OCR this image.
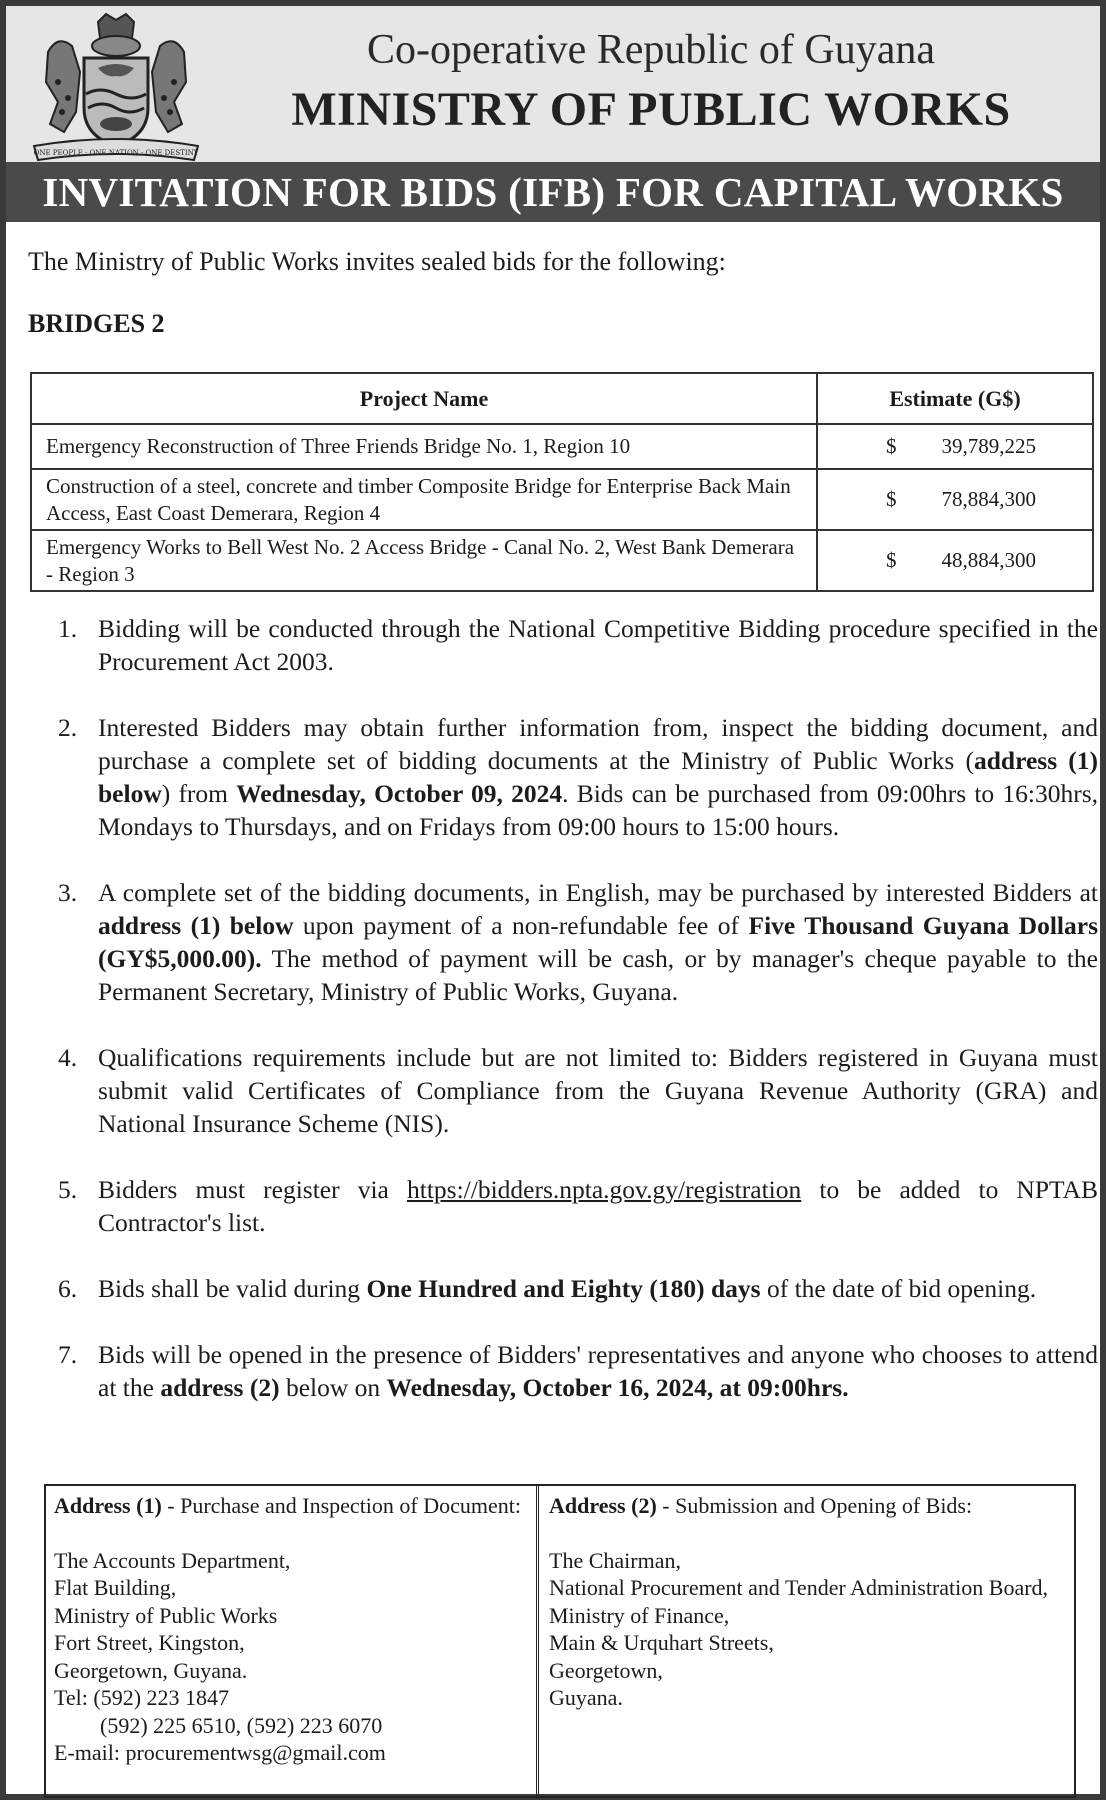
ONE PEOPLE · ONE NATION · ONE DESTINY
Co-operative Republic of Guyana
MINISTRY OF PUBLIC WORKS
INVITATION FOR BIDS (IFB) FOR CAPITAL WORKS
The Ministry of Public Works invites sealed bids for the following:
BRIDGES 2
Project Name	Estimate (G$)
Emergency Reconstruction of Three Friends Bridge No. 1, Region 10	$ 39,789,225

Construction of a steel, concrete and timber Composite Bridge for Enterprise Back Main Access, East Coast Demerara, Region 4	$ 78,884,300

Emergency Works to Bell West No. 2 Access Bridge - Canal No. 2, West Bank Demerara - Region 3	$ 48,884,300
1. Bidding will be conducted through the National Competitive Bidding procedure specified in the Procurement Act 2003.
2. Interested Bidders may obtain further information from, inspect the bidding document, and purchase a complete set of bidding documents at the Ministry of Public Works (address (1) below) from Wednesday, October 09, 2024. Bids can be purchased from 09:00hrs to 16:30hrs, Mondays to Thursdays, and on Fridays from 09:00 hours to 15:00 hours.
3. A complete set of the bidding documents, in English, may be purchased by interested Bidders at address (1) below upon payment of a non-refundable fee of Five Thousand Guyana Dollars (GY$5,000.00). The method of payment will be cash, or by manager's cheque payable to the Permanent Secretary, Ministry of Public Works, Guyana.
4. Qualifications requirements include but are not limited to: Bidders registered in Guyana must submit valid Certificates of Compliance from the Guyana Revenue Authority (GRA) and National Insurance Scheme (NIS).
5. Bidders must register via https://bidders.npta.gov.gy/registration to be added to NPTAB Contractor's list.
6. Bids shall be valid during One Hundred and Eighty (180) days of the date of bid opening.
7. Bids will be opened in the presence of Bidders' representatives and anyone who chooses to attend at the address (2) below on Wednesday, October 16, 2024, at 09:00hrs.
Address (1) - Purchase and Inspection of Document:
The Accounts Department,
Flat Building,
Ministry of Public Works
Fort Street, Kingston,
Georgetown, Guyana.
Tel: (592) 223 1847
(592) 225 6510, (592) 223 6070
E-mail: procurementwsg@gmail.com
Address (2) - Submission and Opening of Bids:
The Chairman,
National Procurement and Tender Administration Board,
Ministry of Finance,
Main & Urquhart Streets,
Georgetown,
Guyana.
